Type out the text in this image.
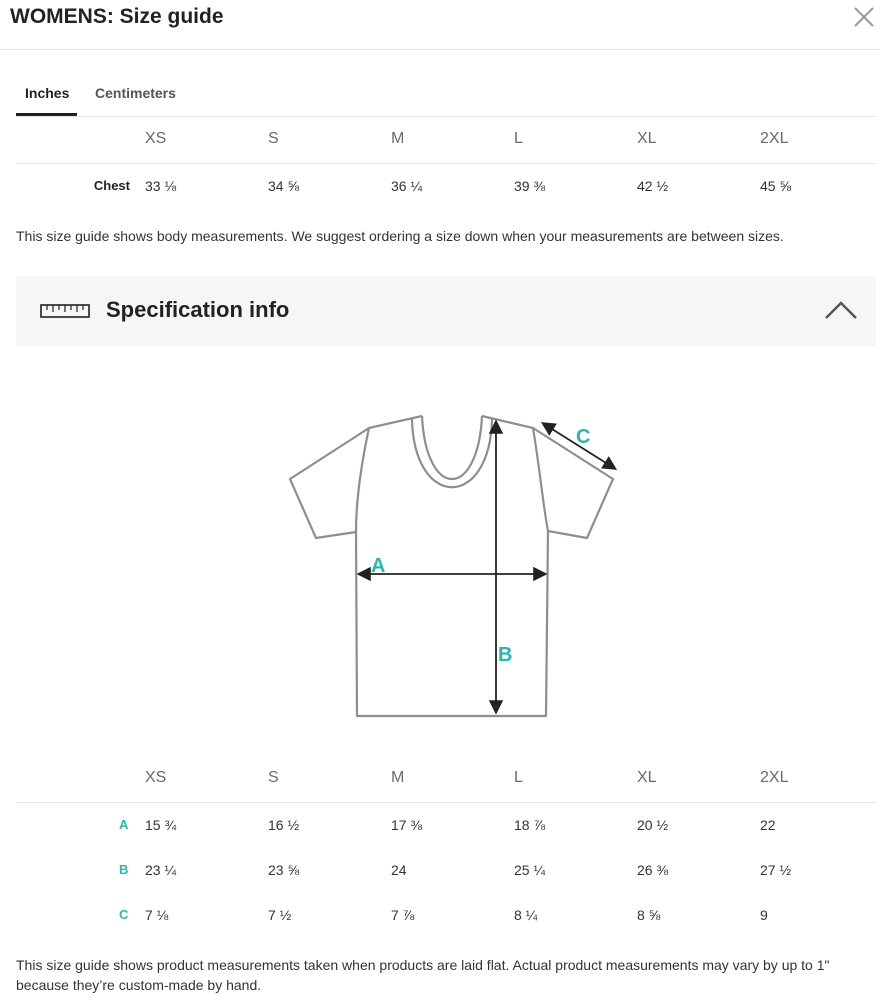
WOMENS: Size guide
Inches Centimeters
XS	S	M	L	XL	2XL
Chest 33 ⅛	34 ⅝	36 ¼	39 ⅜	42 ½	45 ⅝
This size guide shows body measurements. We suggest ordering a size down when your measurements are between sizes.
Specification info
A
B
C
XS	S	M	L	XL	2XL
A 15 ¾	16 ½	17 ⅜	18 ⅞	20 ½	22
B 23 ¼	23 ⅝	24	25 ¼	26 ⅜	27 ½
C 7 ⅛	7 ½	7 ⅞	8 ¼	8 ⅝	9
This size guide shows product measurements taken when products are laid flat. Actual product measurements may vary by up to 1" because they’re custom-made by hand.
